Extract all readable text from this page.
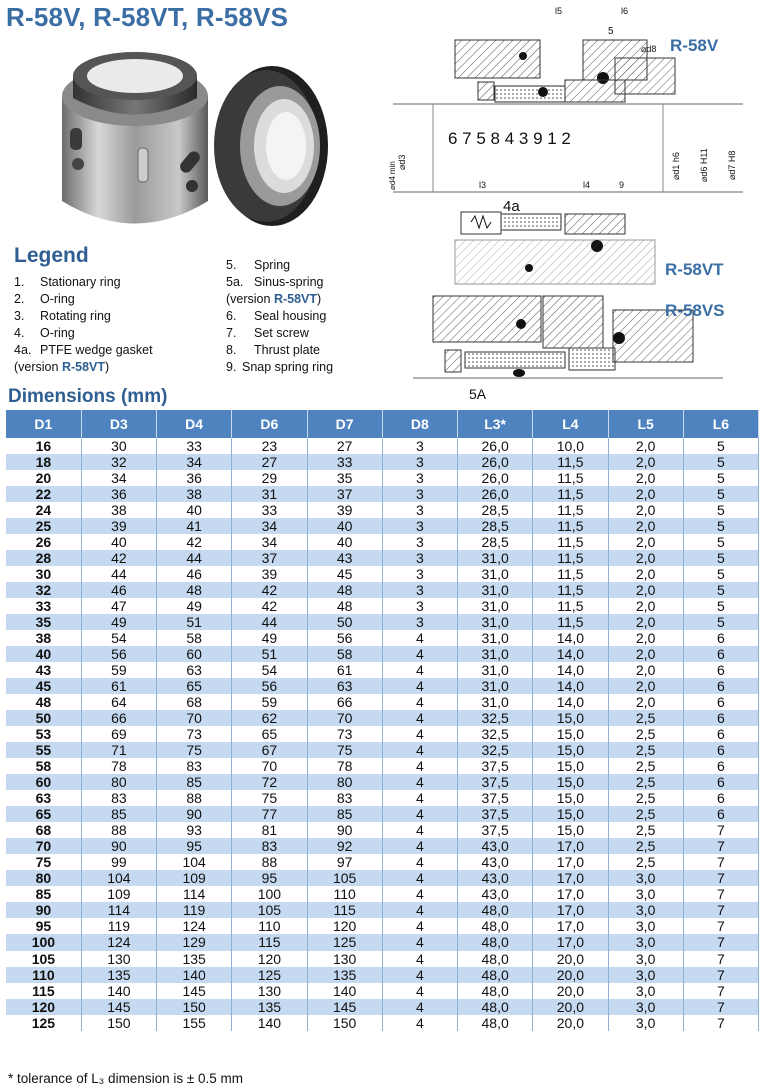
R-58V, R-58VT, R-58VS
Legend
1. Stationary ring
2. O-ring
3. Rotating ring
4. O-ring
4a. PTFE wedge gasket
(version R-58VT)
5. Spring
5a. Sinus-spring
(version R-58VT)
6. Seal housing
7. Set screw
8. Thrust plate
9. Snap spring ring
6 7 5 8 4 3 9 1 2
l5	l6
5
⌀d8
l3	l4	9
⌀d3
⌀d4 min	⌀d1 h6 ⌀d6 H11 ⌀d7 H8
4a
5A
R-58V
R-58VT
R-58VS
Dimensions (mm)
D1	D3	D4	D6	D7	D8	L3*	L4	L5	L6
16	30	33	23	27	3	26,0	10,0	2,0	5
18	32	34	27	33	3	26,0	11,5	2,0	5
20	34	36	29	35	3	26,0	11,5	2,0	5
22	36	38	31	37	3	26,0	11,5	2,0	5
24	38	40	33	39	3	28,5	11,5	2,0	5
25	39	41	34	40	3	28,5	11,5	2,0	5
26	40	42	34	40	3	28,5	11,5	2,0	5
28	42	44	37	43	3	31,0	11,5	2,0	5
30	44	46	39	45	3	31,0	11,5	2,0	5
32	46	48	42	48	3	31,0	11,5	2,0	5
33	47	49	42	48	3	31,0	11,5	2,0	5
35	49	51	44	50	3	31,0	11,5	2,0	5
38	54	58	49	56	4	31,0	14,0	2,0	6
40	56	60	51	58	4	31,0	14,0	2,0	6
43	59	63	54	61	4	31,0	14,0	2,0	6
45	61	65	56	63	4	31,0	14,0	2,0	6
48	64	68	59	66	4	31,0	14,0	2,0	6
50	66	70	62	70	4	32,5	15,0	2,5	6
53	69	73	65	73	4	32,5	15,0	2,5	6
55	71	75	67	75	4	32,5	15,0	2,5	6
58	78	83	70	78	4	37,5	15,0	2,5	6
60	80	85	72	80	4	37,5	15,0	2,5	6
63	83	88	75	83	4	37,5	15,0	2,5	6
65	85	90	77	85	4	37,5	15,0	2,5	6
68	88	93	81	90	4	37,5	15,0	2,5	7
70	90	95	83	92	4	43,0	17,0	2,5	7
75	99	104	88	97	4	43,0	17,0	2,5	7
80	104	109	95	105	4	43,0	17,0	3,0	7
85	109	114	100	110	4	43,0	17,0	3,0	7
90	114	119	105	115	4	48,0	17,0	3,0	7
95	119	124	110	120	4	48,0	17,0	3,0	7
100	124	129	115	125	4	48,0	17,0	3,0	7
105	130	135	120	130	4	48,0	20,0	3,0	7
110	135	140	125	135	4	48,0	20,0	3,0	7
115	140	145	130	140	4	48,0	20,0	3,0	7
120	145	150	135	145	4	48,0	20,0	3,0	7
125	150	155	140	150	4	48,0	20,0	3,0	7
* tolerance of L₃ dimension is ± 0.5 mm
